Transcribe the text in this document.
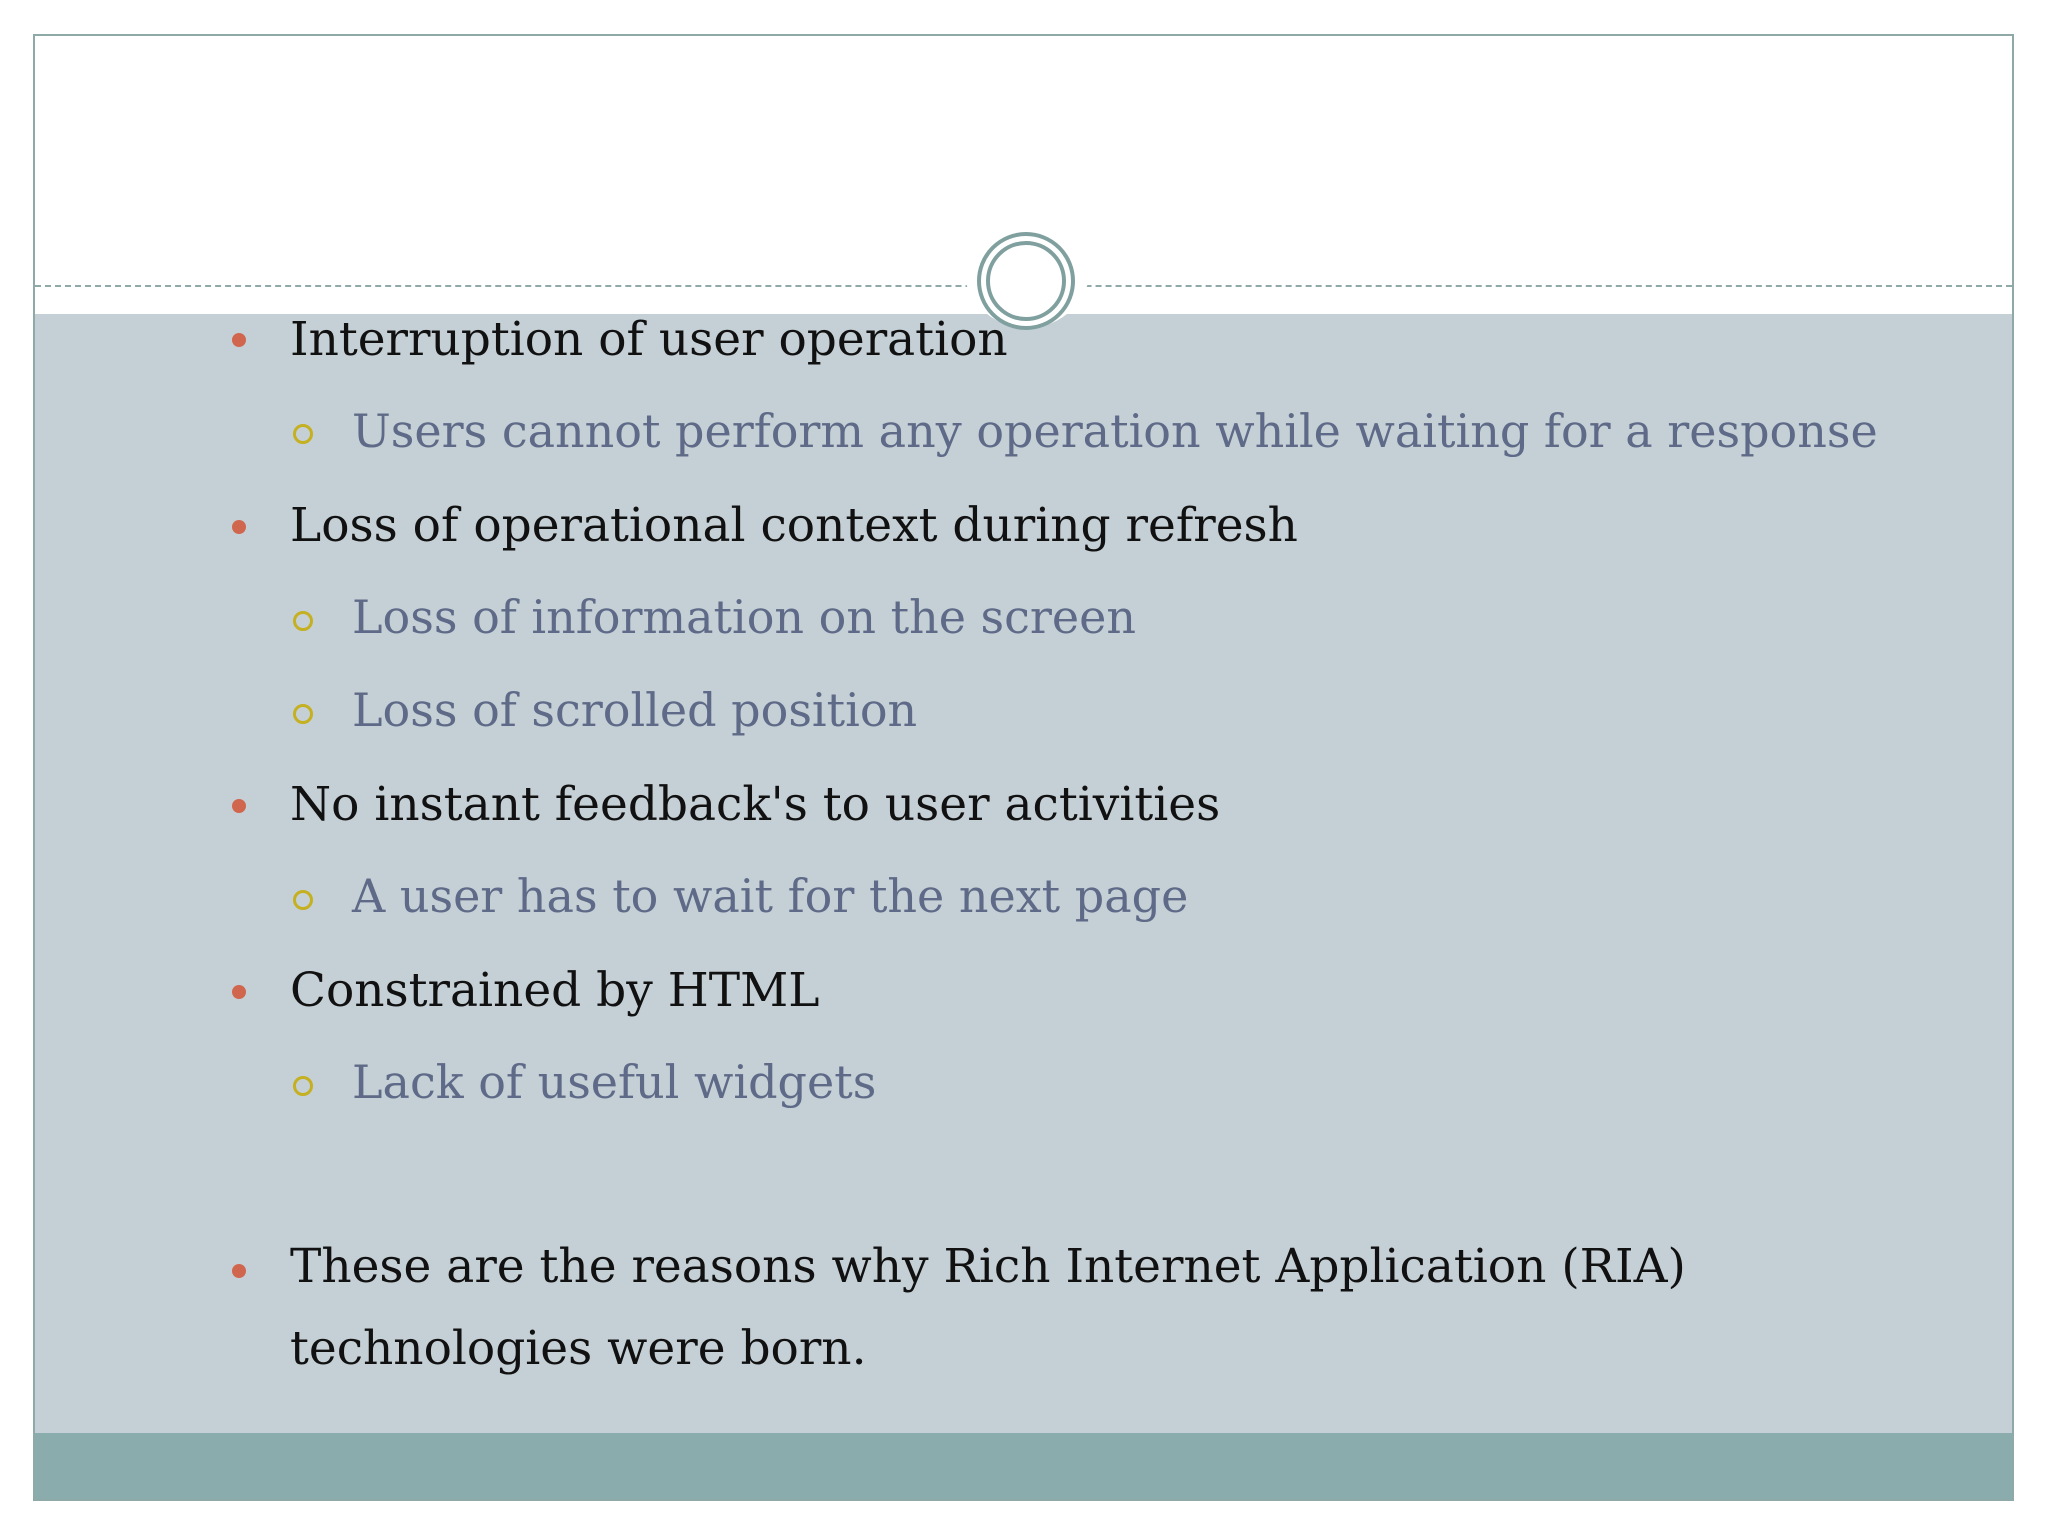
Interruption of user operation
Users cannot perform any operation while waiting for a response
Loss of operational context during refresh
Loss of information on the screen
Loss of scrolled position
No instant feedback's to user activities
A user has to wait for the next page
Constrained by HTML
Lack of useful widgets
These are the reasons why Rich Internet Application (RIA) technologies were born.
